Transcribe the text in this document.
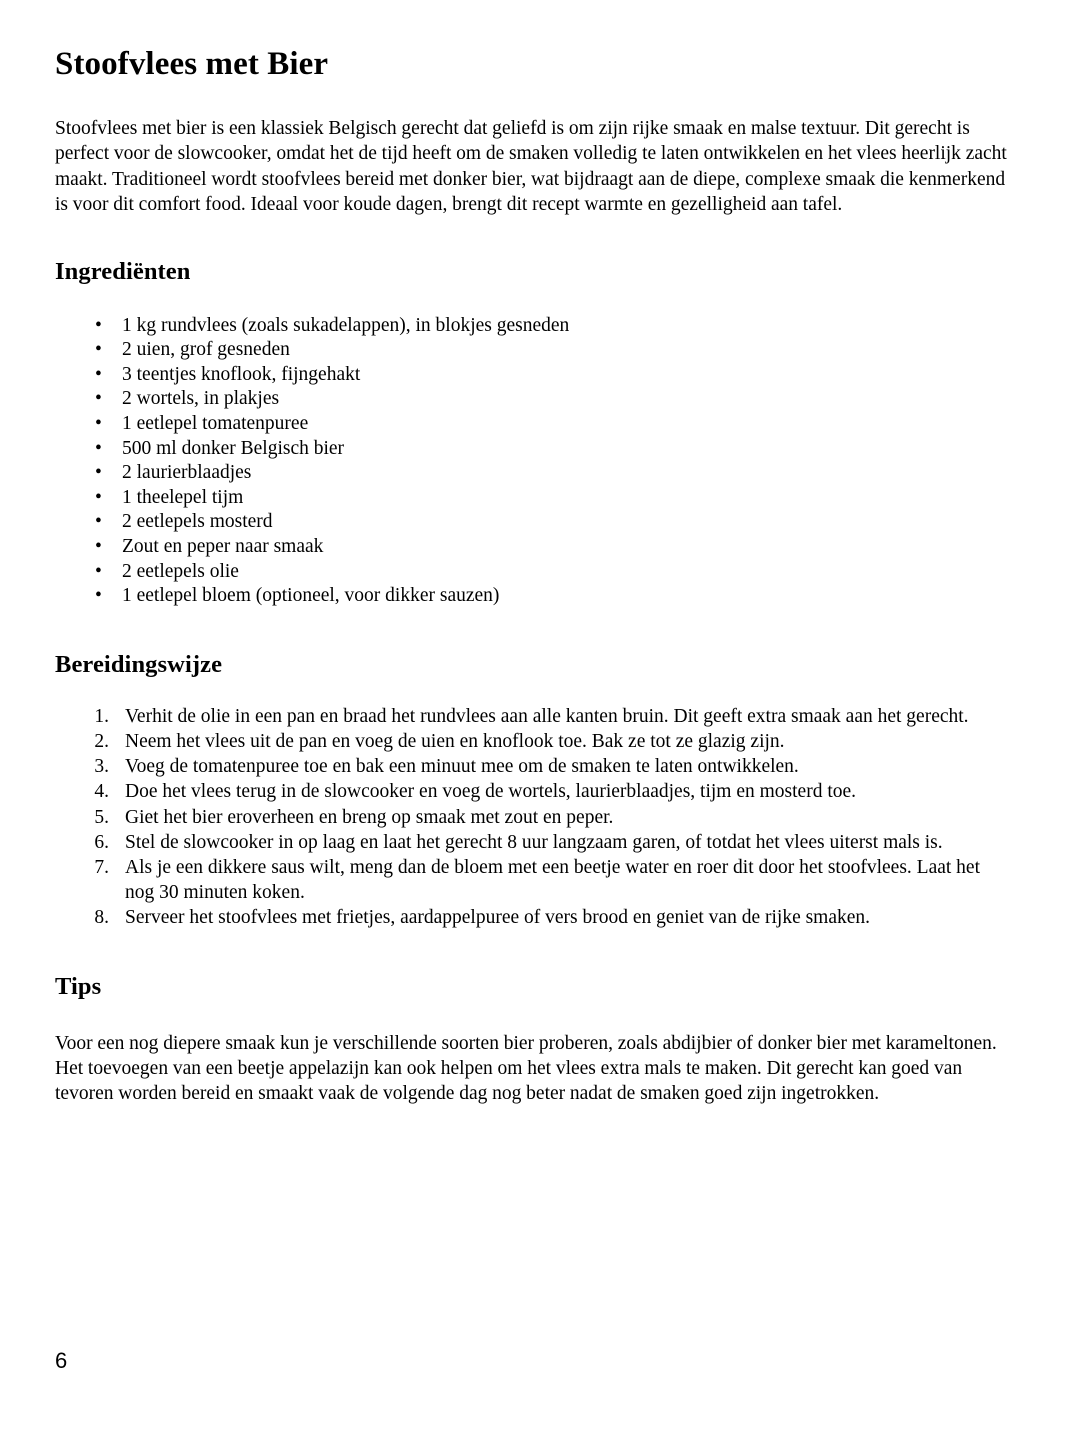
Stoofvlees met Bier

Stoofvlees met bier is een klassiek Belgisch gerecht dat geliefd is om zijn rijke smaak en malse textuur. Dit gerecht is perfect voor de slowcooker, omdat het de tijd heeft om de smaken volledig te laten ontwikkelen en het vlees heerlijk zacht maakt. Traditioneel wordt stoofvlees bereid met donker bier, wat bijdraagt aan de diepe, complexe smaak die kenmerkend is voor dit comfort food. Ideaal voor koude dagen, brengt dit recept warmte en gezelligheid aan tafel.

Ingrediënten
• 1 kg rundvlees (zoals sukadelappen), in blokjes gesneden
• 2 uien, grof gesneden
• 3 teentjes knoflook, fijngehakt
• 2 wortels, in plakjes
• 1 eetlepel tomatenpuree
• 500 ml donker Belgisch bier
• 2 laurierblaadjes
• 1 theelepel tijm
• 2 eetlepels mosterd
• Zout en peper naar smaak
• 2 eetlepels olie
• 1 eetlepel bloem (optioneel, voor dikker sauzen)
Bereidingswijze
1. Verhit de olie in een pan en braad het rundvlees aan alle kanten bruin. Dit geeft extra smaak aan het gerecht.
2. Neem het vlees uit de pan en voeg de uien en knoflook toe. Bak ze tot ze glazig zijn.
3. Voeg de tomatenpuree toe en bak een minuut mee om de smaken te laten ontwikkelen.
4. Doe het vlees terug in de slowcooker en voeg de wortels, laurierblaadjes, tijm en mosterd toe.
5. Giet het bier eroverheen en breng op smaak met zout en peper.
6. Stel de slowcooker in op laag en laat het gerecht 8 uur langzaam garen, of totdat het vlees uiterst mals is.
7. Als je een dikkere saus wilt, meng dan de bloem met een beetje water en roer dit door het stoofvlees. Laat het nog 30 minuten koken.
8. Serveer het stoofvlees met frietjes, aardappelpuree of vers brood en geniet van de rijke smaken.
Tips

Voor een nog diepere smaak kun je verschillende soorten bier proberen, zoals abdijbier of donker bier met karameltonen. Het toevoegen van een beetje appelazijn kan ook helpen om het vlees extra mals te maken. Dit gerecht kan goed van tevoren worden bereid en smaakt vaak de volgende dag nog beter nadat de smaken goed zijn ingetrokken.

6
